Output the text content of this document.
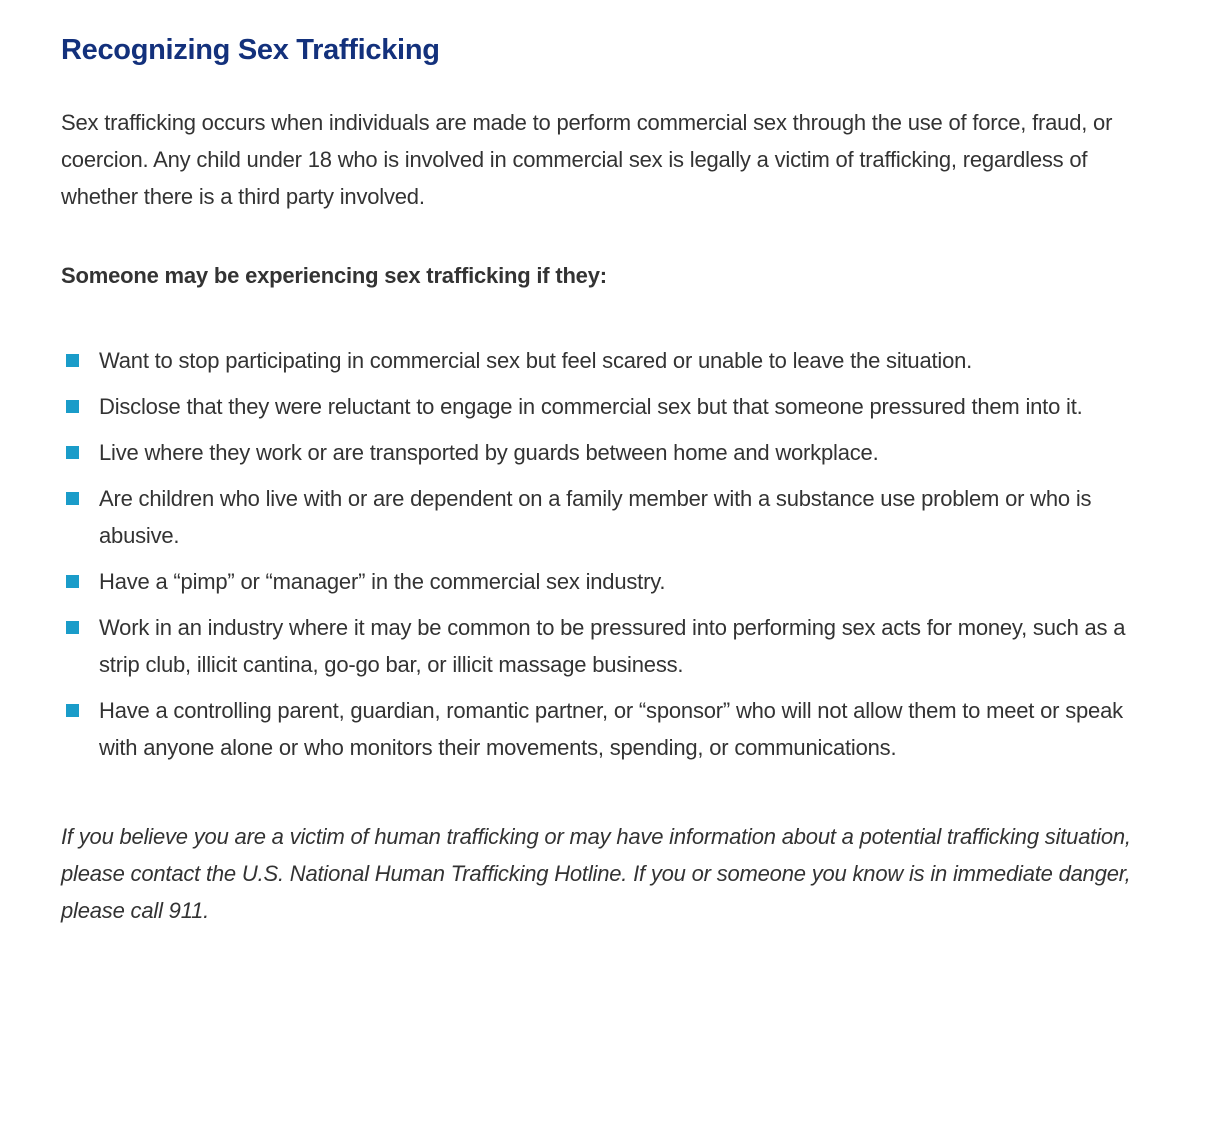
Recognizing Sex Trafficking

Sex trafficking occurs when individuals are made to perform commercial sex through the use of force, fraud, or coercion. Any child under 18 who is involved in commercial sex is legally a victim of trafficking, regardless of whether there is a third party involved.

Someone may be experiencing sex trafficking if they:

Want to stop participating in commercial sex but feel scared or unable to leave the situation.
Disclose that they were reluctant to engage in commercial sex but that someone pressured them into it.
Live where they work or are transported by guards between home and workplace.
Are children who live with or are dependent on a family member with a substance use problem or who is abusive.
Have a “pimp” or “manager” in the commercial sex industry.
Work in an industry where it may be common to be pressured into performing sex acts for money, such as a strip club, illicit cantina, go-go bar, or illicit massage business.
Have a controlling parent, guardian, romantic partner, or “sponsor” who will not allow them to meet or speak with anyone alone or who monitors their movements, spending, or communications.

If you believe you are a victim of human trafficking or may have information about a potential trafficking situation, please contact the U.S. National Human Trafficking Hotline. If you or someone you know is in immediate danger, please call 911.
